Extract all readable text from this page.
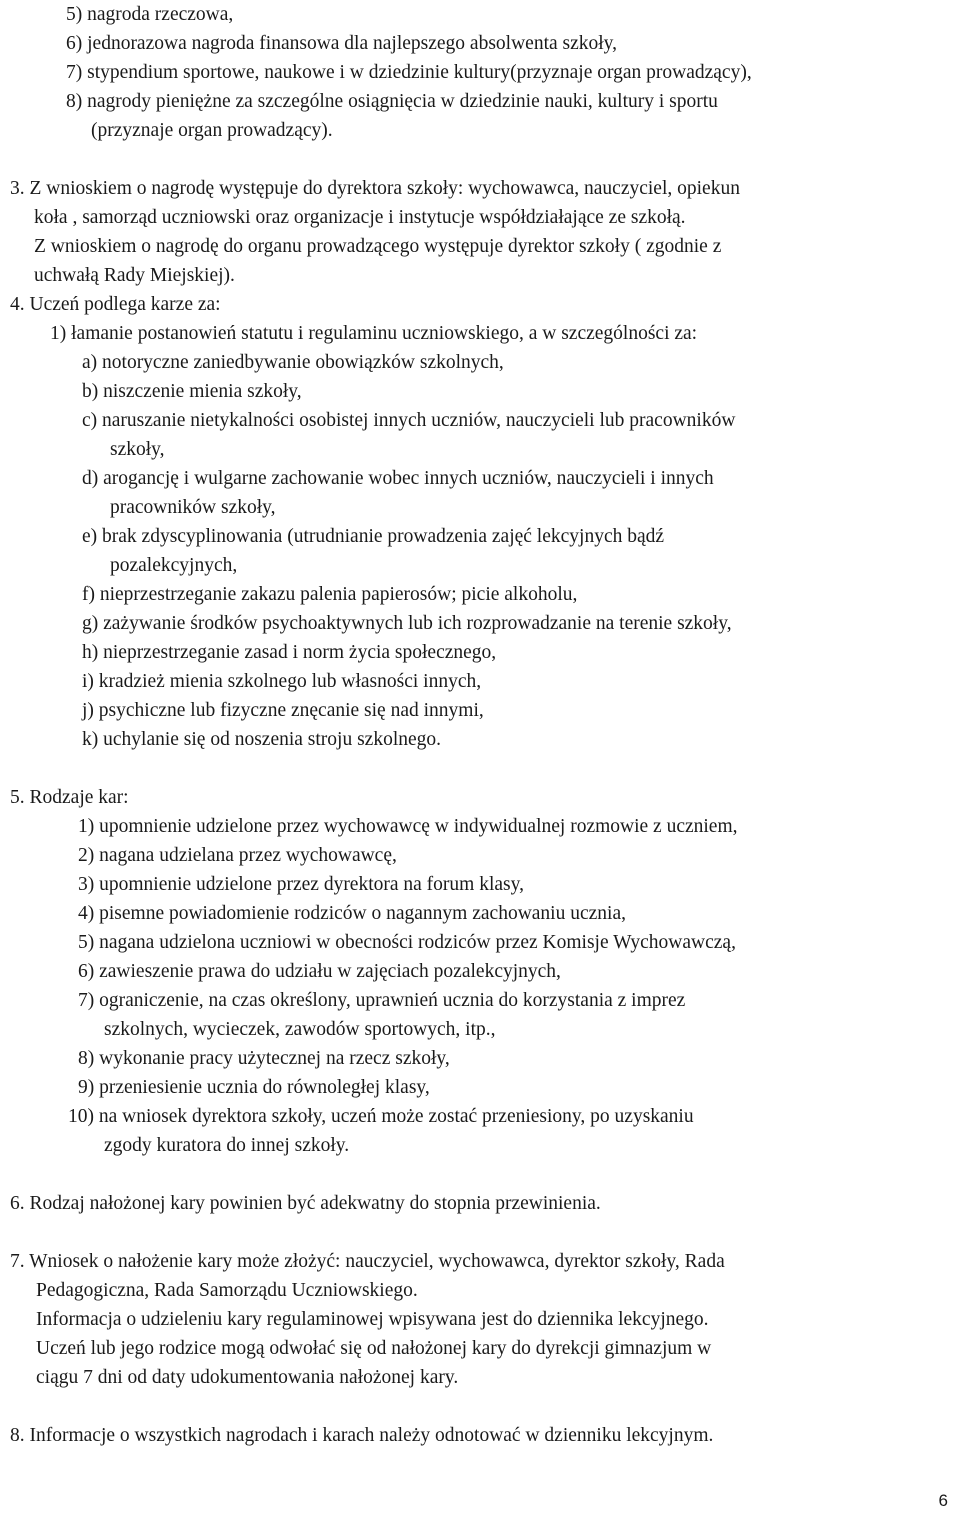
5) nagroda rzeczowa,
6) jednorazowa nagroda finansowa dla najlepszego absolwenta szkoły,
7) stypendium sportowe, naukowe i w dziedzinie kultury(przyznaje organ prowadzący),
8) nagrody pieniężne za szczególne osiągnięcia w dziedzinie nauki, kultury i sportu
(przyznaje organ prowadzący).
3. Z wnioskiem o nagrodę występuje do dyrektora szkoły: wychowawca, nauczyciel, opiekun
koła , samorząd uczniowski oraz organizacje i instytucje współdziałające ze szkołą.
Z wnioskiem o nagrodę do organu prowadzącego występuje dyrektor szkoły ( zgodnie z
uchwałą Rady Miejskiej).
4. Uczeń podlega karze za:
1) łamanie postanowień statutu i regulaminu uczniowskiego, a w szczególności za:
a) notoryczne zaniedbywanie obowiązków szkolnych,
b) niszczenie mienia szkoły,
c) naruszanie nietykalności osobistej innych uczniów, nauczycieli lub pracowników
szkoły,
d) arogancję i wulgarne zachowanie wobec innych uczniów, nauczycieli i innych
pracowników szkoły,
e) brak zdyscyplinowania (utrudnianie prowadzenia zajęć lekcyjnych bądź
pozalekcyjnych,
f) nieprzestrzeganie zakazu palenia papierosów; picie alkoholu,
g) zażywanie środków psychoaktywnych lub ich rozprowadzanie na terenie szkoły,
h) nieprzestrzeganie zasad i norm życia społecznego,
i) kradzież mienia szkolnego lub własności innych,
j) psychiczne lub fizyczne znęcanie się nad innymi,
k) uchylanie się od noszenia stroju szkolnego.
5. Rodzaje kar:
1) upomnienie udzielone przez wychowawcę w indywidualnej rozmowie z uczniem,
2) nagana udzielana przez wychowawcę,
3) upomnienie udzielone przez dyrektora na forum klasy,
4) pisemne powiadomienie rodziców o nagannym zachowaniu ucznia,
5) nagana udzielona uczniowi w obecności rodziców przez Komisje Wychowawczą,
6) zawieszenie prawa do udziału w zajęciach pozalekcyjnych,
7) ograniczenie, na czas określony, uprawnień ucznia do korzystania z imprez
szkolnych, wycieczek, zawodów sportowych, itp.,
8) wykonanie pracy użytecznej na rzecz szkoły,
9) przeniesienie ucznia do równoległej klasy,
10) na wniosek dyrektora szkoły, uczeń może zostać przeniesiony, po uzyskaniu
zgody kuratora do innej szkoły.
6. Rodzaj nałożonej kary powinien być adekwatny do stopnia przewinienia.
7. Wniosek o nałożenie kary może złożyć: nauczyciel, wychowawca, dyrektor szkoły, Rada
Pedagogiczna, Rada Samorządu Uczniowskiego.
Informacja o udzieleniu kary regulaminowej wpisywana jest do dziennika lekcyjnego.
Uczeń lub jego rodzice mogą odwołać się od nałożonej kary do dyrekcji gimnazjum w
ciągu 7 dni od daty udokumentowania nałożonej kary.
8. Informacje o wszystkich nagrodach i karach należy odnotować w dzienniku lekcyjnym.
6
